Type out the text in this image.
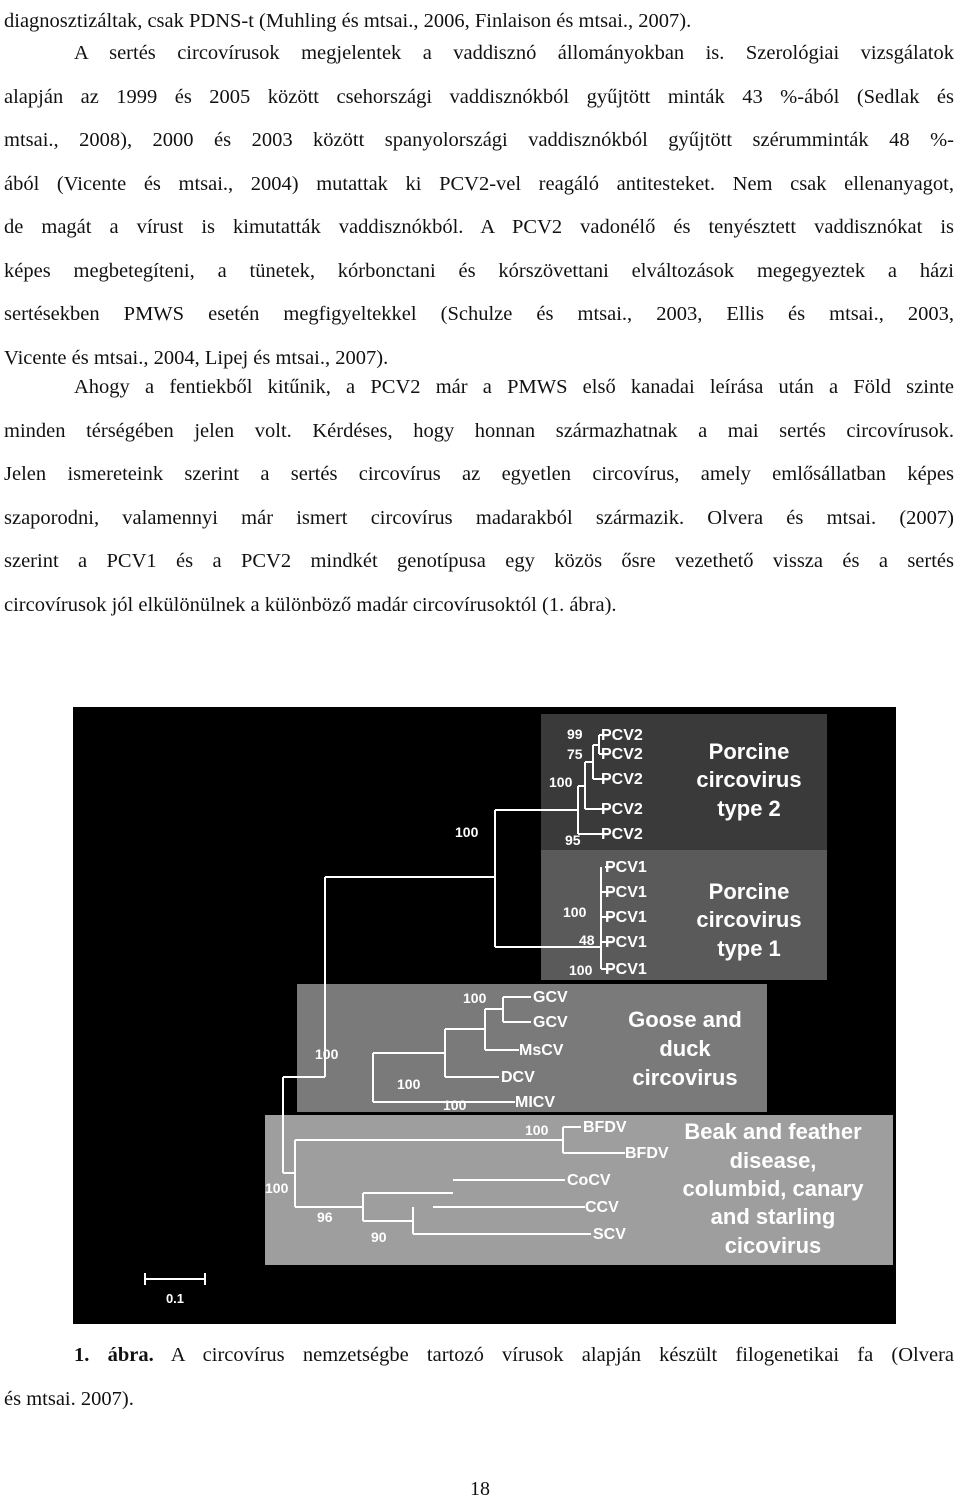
diagnosztizáltak, csak PDNS-t (Muhling és mtsai., 2006, Finlaison és mtsai., 2007).
A sertés circovírusok megjelentek a vaddisznó állományokban is. Szerológiai vizsgálatok
alapján az 1999 és 2005 között csehországi vaddisznókból gyűjtött minták 43 %-ából (Sedlak és
mtsai., 2008), 2000 és 2003 között spanyolországi vaddisznókból gyűjtött szérumminták 48 %-
ából (Vicente és mtsai., 2004) mutattak ki PCV2-vel reagáló antitesteket. Nem csak ellenanyagot,
de magát a vírust is kimutatták vaddisznókból. A PCV2 vadonélő és tenyésztett vaddisznókat is
képes megbetegíteni, a tünetek, kórbonctani és kórszövettani elváltozások megegyeztek a házi
sertésekben PMWS esetén megfigyeltekkel (Schulze és mtsai., 2003, Ellis és mtsai., 2003,
Vicente és mtsai., 2004, Lipej és mtsai., 2007).
Ahogy a fentiekből kitűnik, a PCV2 már a PMWS első kanadai leírása után a Föld szinte
minden térségében jelen volt. Kérdéses, hogy honnan származhatnak a mai sertés circovírusok.
Jelen ismereteink szerint a sertés circovírus az egyetlen circovírus, amely emlősállatban képes
szaporodni, valamennyi már ismert circovírus madarakból származik. Olvera és mtsai. (2007)
szerint a PCV1 és a PCV2 mindkét genotípusa egy közös ősre vezethető vissza és a sertés
circovírusok jól elkülönülnek a különböző madár circovírusoktól (1. ábra).
0.1
PCV2
PCV2
PCV2
PCV2
PCV2
PCV1
PCV1
PCV1
PCV1
PCV1
GCV
GCV
MsCV
DCV
MICV
BFDV
BFDV
CoCV
CCV
SCV
99
75
100
95
100
100
48
100
100
100
100
100
100
100
96
90
Porcine
circovirus
type 2
Porcine
circovirus
type 1
Goose and
duck
circovirus
Beak and feather
disease,
columbid, canary
and starling
cicovirus
1. ábra. A circovírus nemzetségbe tartozó vírusok alapján készült filogenetikai fa (Olvera
és mtsai. 2007).
18
